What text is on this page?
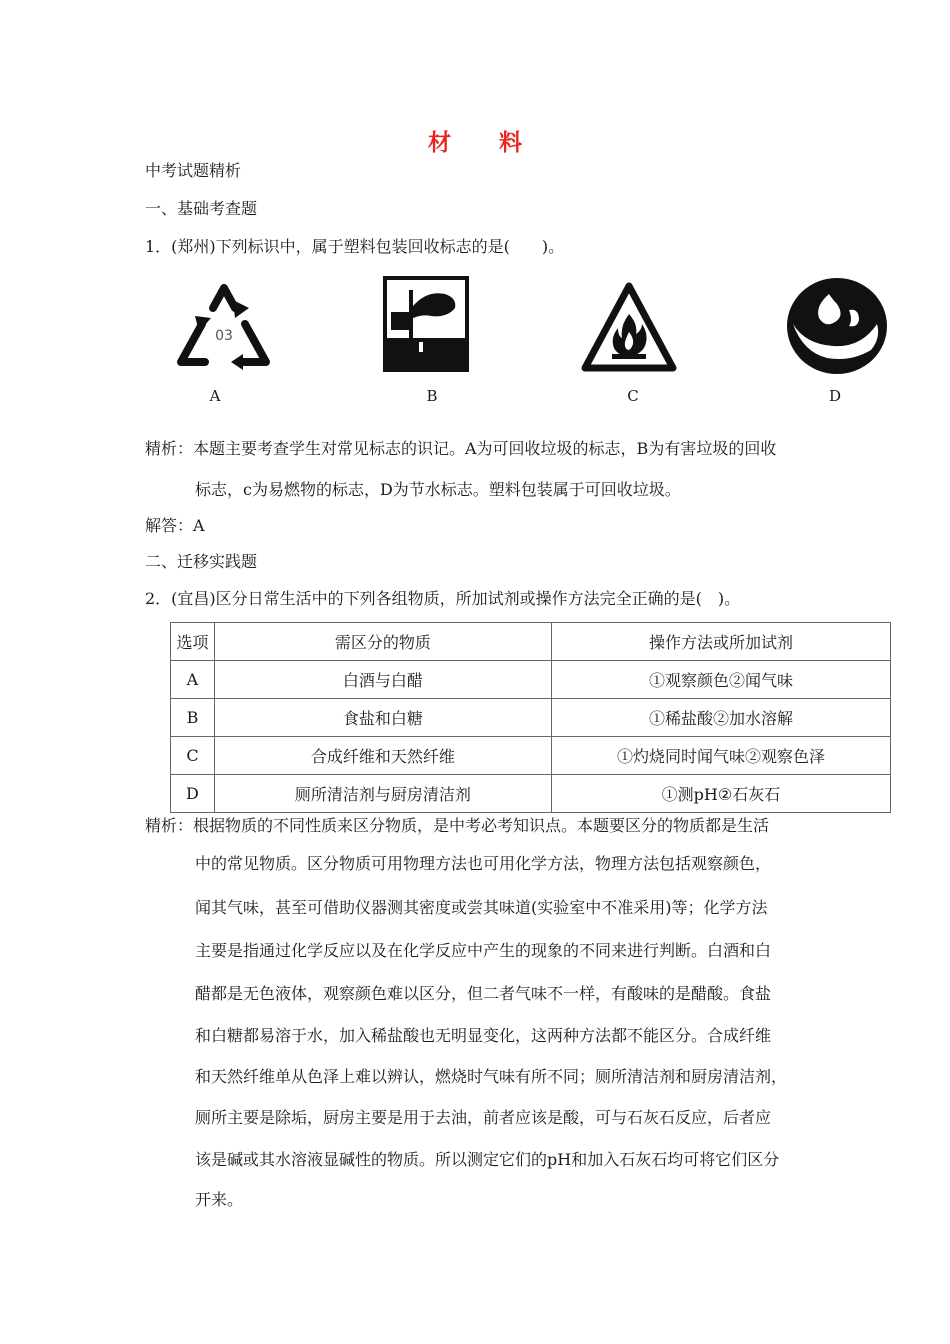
材 料
中考试题精析
一、基础考查题
1．(郑州)下列标识中，属于塑料包装回收标志的是(　　)。
03
A	B	C	D
精析：本题主要考查学生对常见标志的识记。A为可回收垃圾的标志，B为有害垃圾的回收
标志，c为易燃物的标志，D为节水标志。塑料包装属于可回收垃圾。
解答：A
二、迁移实践题
2．(宜昌)区分日常生活中的下列各组物质，所加试剂或操作方法完全正确的是(　)。
选项	需区分的物质	操作方法或所加试剂
A	白酒与白醋	①观察颜色②闻气味
B	食盐和白糖	①稀盐酸②加水溶解
C	合成纤维和天然纤维	①灼烧同时闻气味②观察色泽
D	厕所清洁剂与厨房清洁剂	①测pH②石灰石
精析：根据物质的不同性质来区分物质，是中考必考知识点。本题要区分的物质都是生活
中的常见物质。区分物质可用物理方法也可用化学方法，物理方法包括观察颜色，
闻其气味，甚至可借助仪器测其密度或尝其味道(实验室中不准采用)等；化学方法
主要是指通过化学反应以及在化学反应中产生的现象的不同来进行判断。白酒和白
醋都是无色液体，观察颜色难以区分，但二者气味不一样，有酸味的是醋酸。食盐
和白糖都易溶于水，加入稀盐酸也无明显变化，这两种方法都不能区分。合成纤维
和天然纤维单从色泽上难以辨认，燃烧时气味有所不同；厕所清洁剂和厨房清洁剂，
厕所主要是除垢，厨房主要是用于去油，前者应该是酸，可与石灰石反应，后者应
该是碱或其水溶液显碱性的物质。所以测定它们的pH和加入石灰石均可将它们区分
开来。
